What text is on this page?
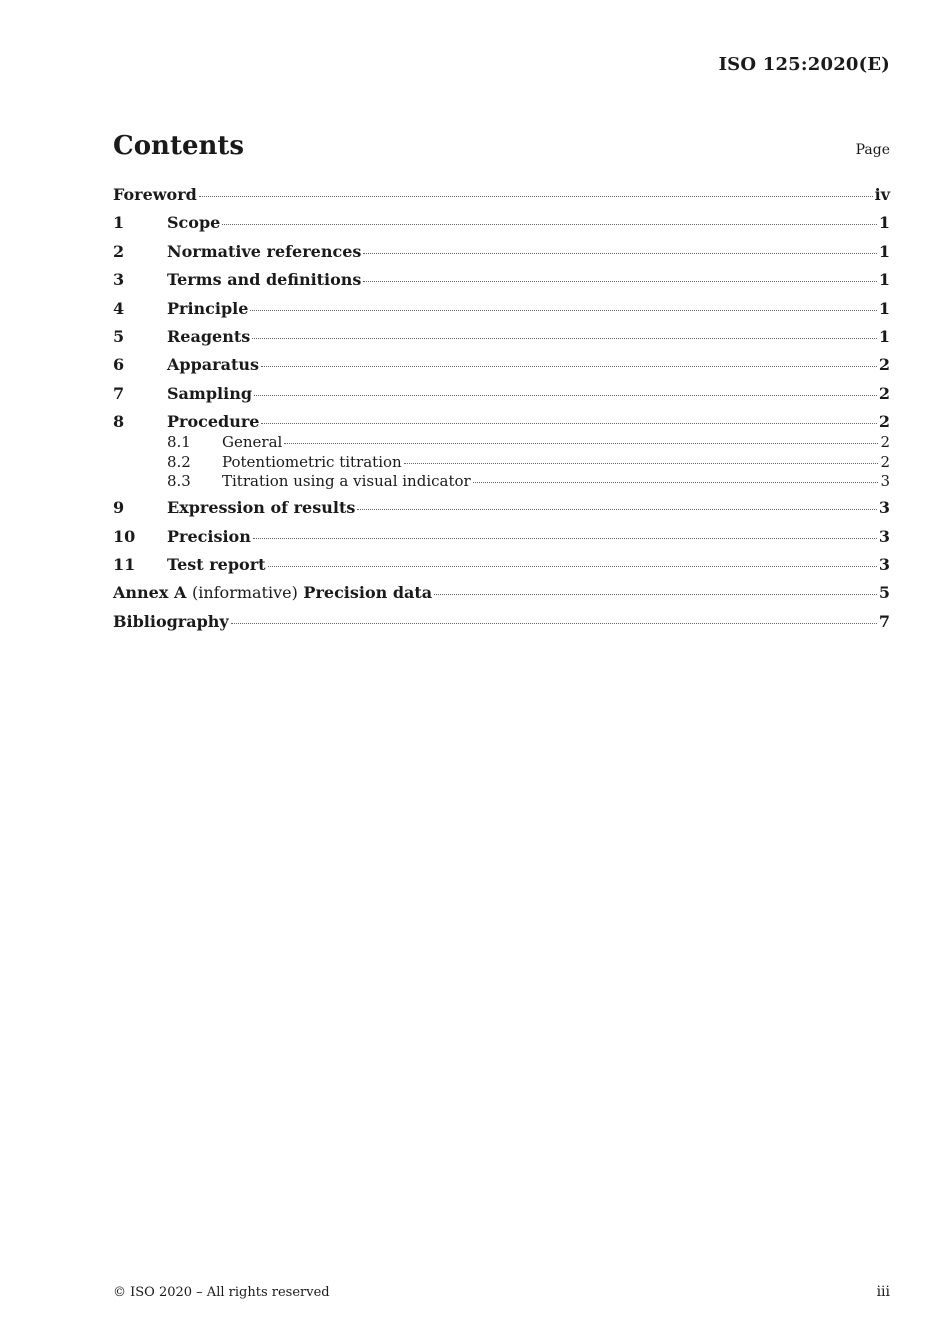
ISO 125:2020(E)
Contents	Page
Foreword	iv
1	Scope	1
2	Normative references	1
3	Terms and definitions	1
4	Principle	1
5	Reagents	1
6	Apparatus	2
7	Sampling	2
8	Procedure	2
8.1	General	2
8.2	Potentiometric titration	2
8.3	Titration using a visual indicator	3
9	Expression of results	3
10	Precision	3
11	Test report	3
Annex A (informative) Precision data	5
Bibliography	7
© ISO 2020 – All rights reserved	iii
